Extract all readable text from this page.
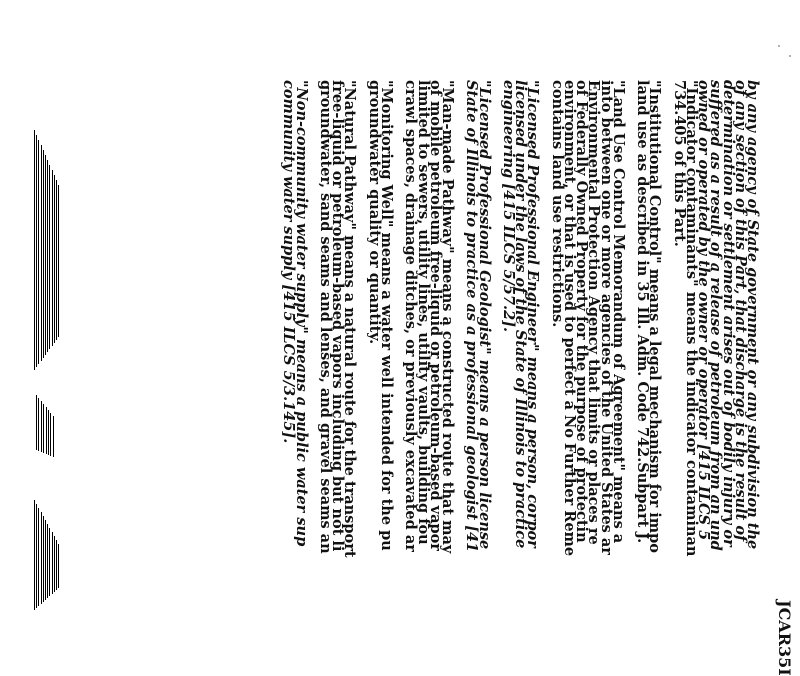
JCAR35I
by any agency of State government or any subdivision the
of any section of this Part, that discharge is the result of
determination or settlement arises out of bodily injury or
suffered as a result of a release of petroleum from an und
owned or operated by the owner or operator [415 ILCS 5
"Indicator contaminants" means the indicator contaminan
734.405 of this Part.
"Institutional Control" means a legal mechanism for impo
land use as described in 35 Ill. Adm. Code 742.Subpart J.
"Land Use Control Memorandum of Agreement" means a
into between one or more agencies of the United States ar
Environmental Protection Agency that limits or places re
of Federally Owned Property for the purpose of protectin
environment, or that is used to perfect a No Further Reme
contains land use restrictions.
"Licensed Professional Engineer" means a person, corpor
licensed under the laws of the State of Illinois to practice
engineering [415 ILCS 5/57.2].
"Licensed Professional Geologist" means a person license
State of Illinois to practice as a professional geologist [41
"Man-made Pathway" means a constructed route that may
of mobile petroleum free-liquid or petroleum-based vapor
limited to sewers, utility lines, utility vaults, building fou
crawl spaces, drainage ditches, or previously excavated ar
"Monitoring Well" means a water well intended for the pu
groundwater quality or quantity.
"Natural Pathway" means a natural route for the transport
free-liquid or petroleum-based vapors including but not li
groundwater, sand seams and lenses, and gravel seams an
"Non-community water supply" means a public water sup
community water supply [415 ILCS 5/3.145].
